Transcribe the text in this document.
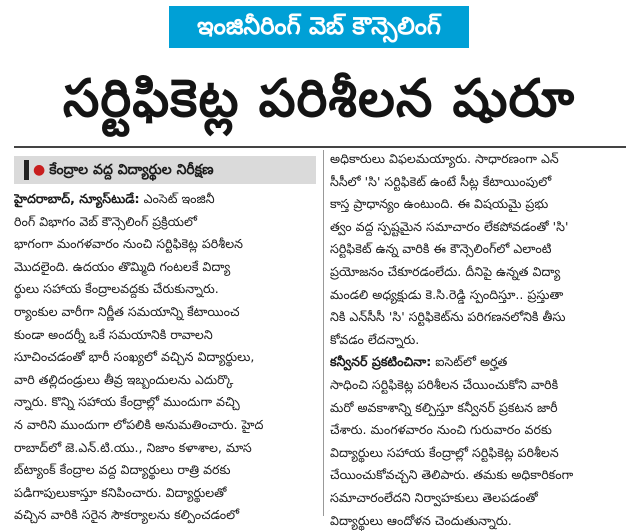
ఇంజినీరింగ్ వెబ్ కౌన్సెలింగ్
సర్టిఫికెట్ల పరిశీలన షురూ
● కేంద్రాల వద్ద విద్యార్థుల నిరీక్షణ
హైదరాబాద్, న్యూస్‌టుడే: ఎంసెట్ ఇంజినీ
రింగ్ విభాగం వెబ్ కౌన్సెలింగ్ ప్రక్రియలో
భాగంగా మంగళవారం నుంచి సర్టిఫికెట్ల పరిశీలన
మొదలైంది. ఉదయం తొమ్మిది గంటలకే విద్యా
ర్థులు సహాయ కేంద్రాలవద్దకు చేరుకున్నారు.
ర్యాంకుల వారీగా నిర్ణీత సమయాన్ని కేటాయించ
కుండా అందర్నీ ఒకే సమయానికి రావాలని
సూచించడంతో భారీ సంఖ్యలో వచ్చిన విద్యార్థులు,
వారి తల్లిదండ్రులు తీవ్ర ఇబ్బందులను ఎదుర్కొ
న్నారు. కొన్ని సహాయ కేంద్రాల్లో ముందుగా వచ్చి
న వారిని ముందుగా లోపలికి అనుమతించారు. హైద
రాబాద్‌లో జె.ఎన్.టి.యు., నిజాం కళాశాల, మాస
బ్‌ట్యాంక్ కేంద్రాల వద్ద విద్యార్థులు రాత్రి వరకు
పడిగాపులుకాస్తూ కనిపించారు. విద్యార్థులతో
వచ్చిన వారికి సరైన సౌకర్యాలను కల్పించడంలో
అధికారులు విఫలమయ్యారు. సాధారణంగా ఎన్
సీసీలో 'సి' సర్టిఫికెట్ ఉంటే సీట్ల కేటాయింపులో
కాస్త ప్రాధాన్యం ఉంటుంది. ఈ విషయమై ప్రభు
త్వం వద్ద స్పష్టమైన సమాచారం లేకపోవడంతో 'సి'
సర్టిఫికెట్ ఉన్న వారికి ఈ కౌన్సెలింగ్‌లో ఎలాంటి
ప్రయోజనం చేకూరడంలేదు. దీనిపై ఉన్నత విద్యా
మండలి అధ్యక్షుడు కె.సి.రెడ్డి స్పందిస్తూ.. ప్రస్తుతా
నికి ఎన్‌సీసీ 'సి' సర్టిఫికెట్‌ను పరిగణనలోనికి తీసు
కోవడం లేదన్నారు.
కన్వీనర్ ప్రకటించినా: ఐసెట్‌లో అర్హత
సాధించి సర్టిఫికెట్ల పరిశీలన చేయించుకోని వారికి
మరో అవకాశాన్ని కల్పిస్తూ కన్వీనర్ ప్రకటన జారీ
చేశారు. మంగళవారం నుంచి గురువారం వరకు
విద్యార్థులు సహాయ కేంద్రాల్లో సర్టిఫికెట్ల పరిశీలన
చేయించుకోవచ్చని తెలిపారు. తమకు అధికారికంగా
సమాచారంలేదని నిర్వాహకులు తెలపడంతో
విద్యార్థులు ఆందోళన చెందుతున్నారు.
